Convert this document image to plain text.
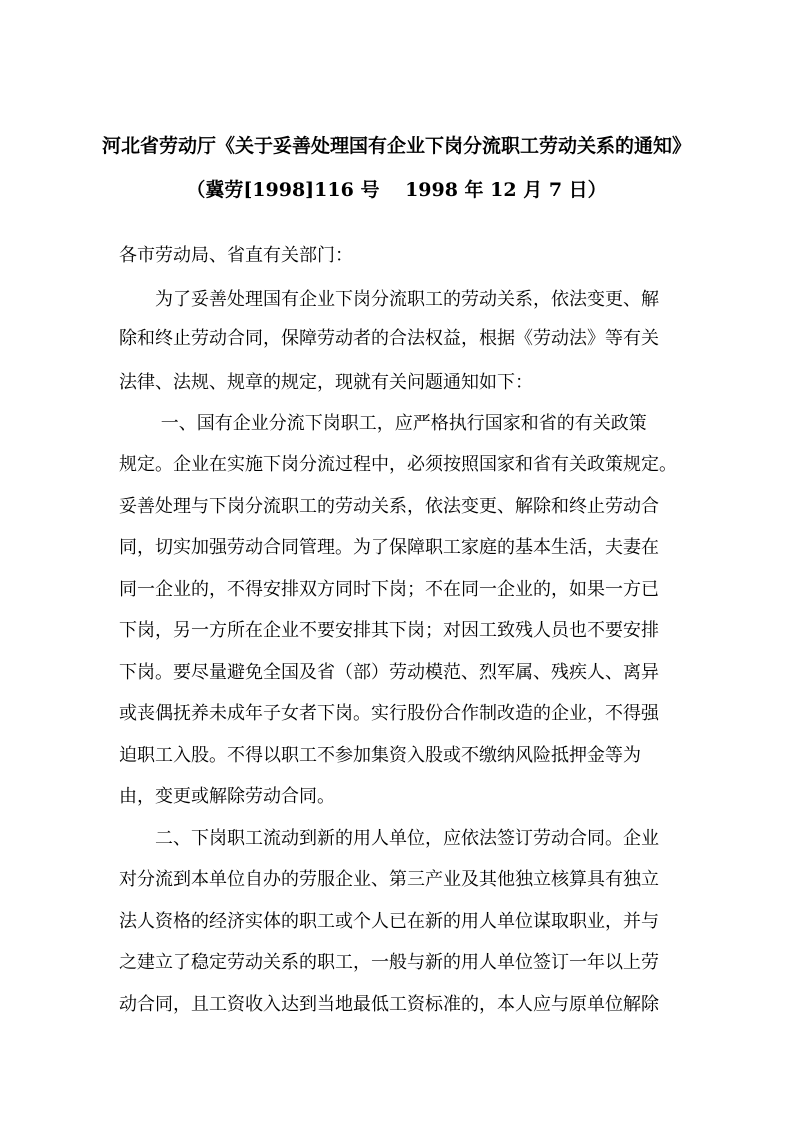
河北省劳动厅《关于妥善处理国有企业下岗分流职工劳动关系的通知》
（冀劳[1998]116 号　 1998 年 12 月 7 日）
各市劳动局、省直有关部门：
　　为了妥善处理国有企业下岗分流职工的劳动关系，依法变更、解
除和终止劳动合同，保障劳动者的合法权益，根据《劳动法》等有关
法律、法规、规章的规定，现就有关问题通知如下：
　　 一、国有企业分流下岗职工，应严格执行国家和省的有关政策
规定。企业在实施下岗分流过程中，必须按照国家和省有关政策规定。
妥善处理与下岗分流职工的劳动关系，依法变更、解除和终止劳动合
同，切实加强劳动合同管理。为了保障职工家庭的基本生活，夫妻在
同一企业的，不得安排双方同时下岗；不在同一企业的，如果一方已
下岗，另一方所在企业不要安排其下岗；对因工致残人员也不要安排
下岗。要尽量避免全国及省（部）劳动模范、烈军属、残疾人、离异
或丧偶抚养未成年子女者下岗。实行股份合作制改造的企业，不得强
迫职工入股。不得以职工不参加集资入股或不缴纳风险抵押金等为
由，变更或解除劳动合同。
　　二、下岗职工流动到新的用人单位，应依法签订劳动合同。企业
对分流到本单位自办的劳服企业、第三产业及其他独立核算具有独立
法人资格的经济实体的职工或个人已在新的用人单位谋取职业，并与
之建立了稳定劳动关系的职工，一般与新的用人单位签订一年以上劳
动合同，且工资收入达到当地最低工资标准的，本人应与原单位解除
